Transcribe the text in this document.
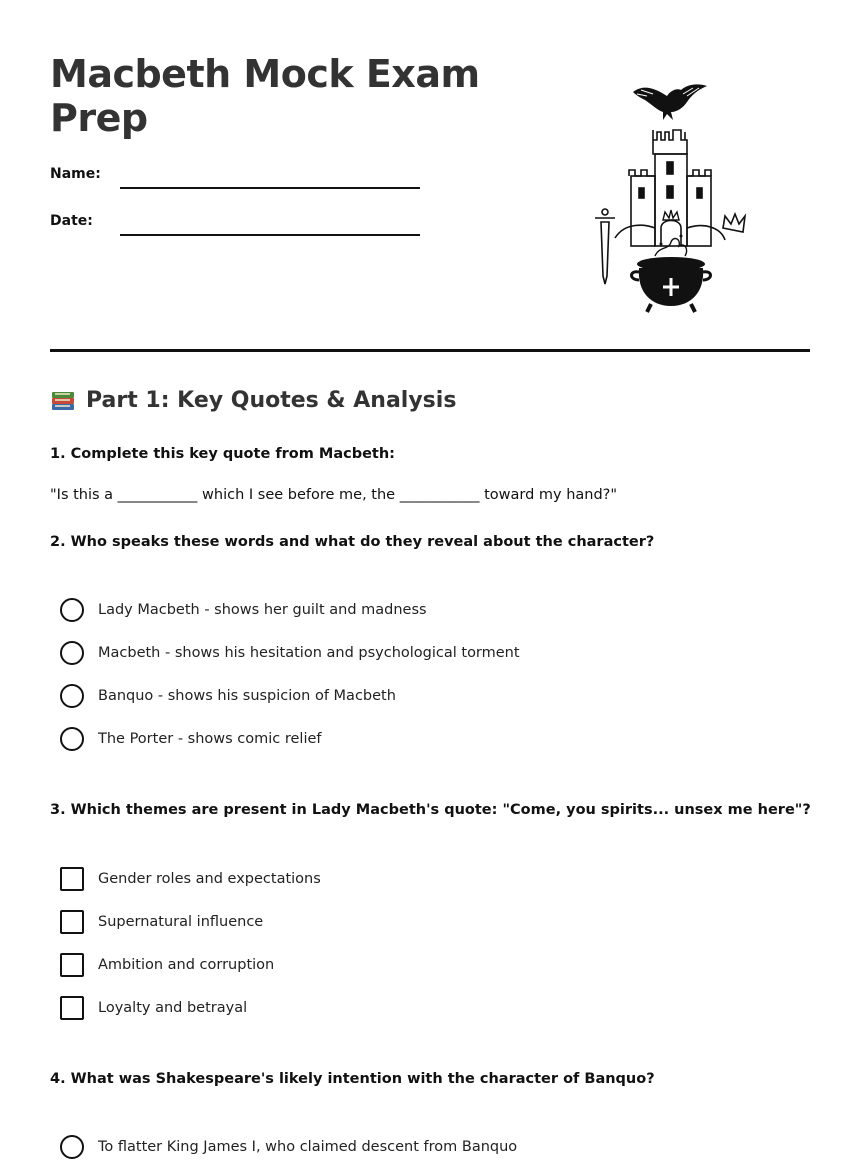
Macbeth Mock Exam Prep
Name:
Date:
Part 1: Key Quotes & Analysis

1. Complete this key quote from Macbeth:

"Is this a ___________ which I see before me, the ___________ toward my hand?"

2. Who speaks these words and what do they reveal about the character?

Lady Macbeth - shows her guilt and madness
Macbeth - shows his hesitation and psychological torment
Banquo - shows his suspicion of Macbeth
The Porter - shows comic relief

3. Which themes are present in Lady Macbeth's quote: "Come, you spirits... unsex me here"?

Gender roles and expectations
Supernatural influence
Ambition and corruption
Loyalty and betrayal

4. What was Shakespeare's likely intention with the character of Banquo?

To flatter King James I, who claimed descent from Banquo
